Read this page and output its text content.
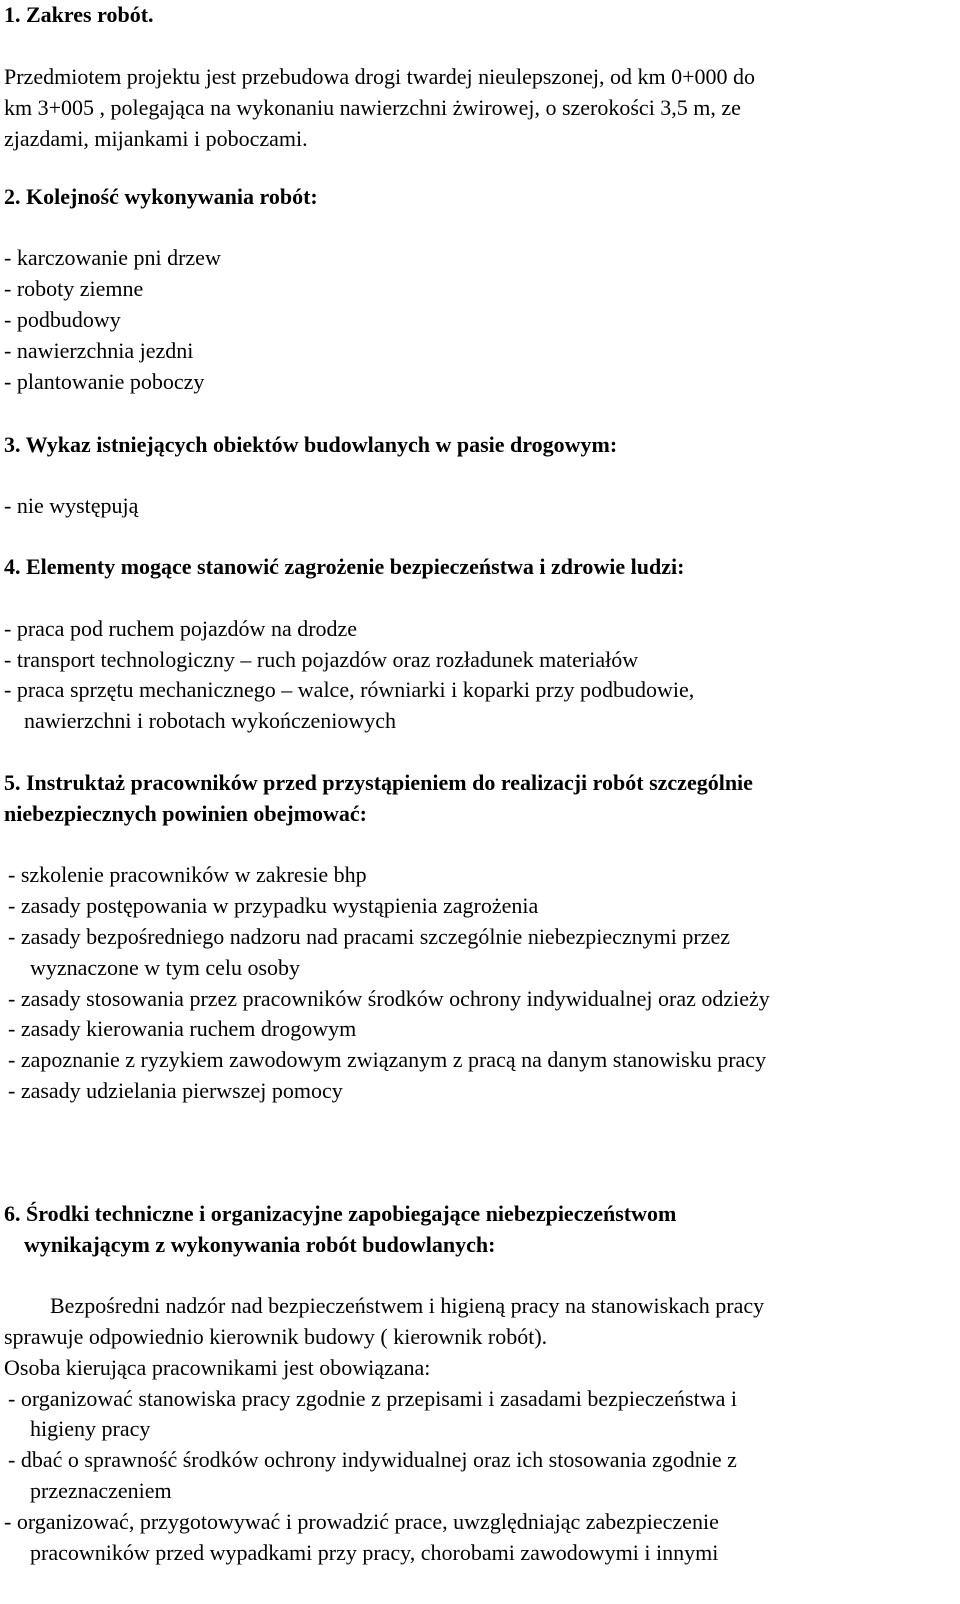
1. Zakres robót.
Przedmiotem projektu jest przebudowa drogi twardej nieulepszonej, od km 0+000 do
km 3+005 , polegająca na wykonaniu nawierzchni żwirowej, o szerokości 3,5 m, ze
zjazdami, mijankami i poboczami.
2. Kolejność wykonywania robót:
- karczowanie pni drzew
- roboty ziemne
- podbudowy
- nawierzchnia jezdni
- plantowanie poboczy
3. Wykaz istniejących obiektów budowlanych w pasie drogowym:
- nie występują
4. Elementy mogące stanowić zagrożenie bezpieczeństwa i zdrowie ludzi:
- praca pod ruchem pojazdów na drodze
- transport technologiczny – ruch pojazdów oraz rozładunek materiałów
- praca sprzętu mechanicznego – walce, równiarki i koparki przy podbudowie,
nawierzchni i robotach wykończeniowych
5. Instruktaż pracowników przed przystąpieniem do realizacji robót szczególnie
niebezpiecznych powinien obejmować:
- szkolenie pracowników w zakresie bhp
- zasady postępowania w przypadku wystąpienia zagrożenia
- zasady bezpośredniego nadzoru nad pracami szczególnie niebezpiecznymi przez
wyznaczone w tym celu osoby
- zasady stosowania przez pracowników środków ochrony indywidualnej oraz odzieży
- zasady kierowania ruchem drogowym
- zapoznanie z ryzykiem zawodowym związanym z pracą na danym stanowisku pracy
- zasady udzielania pierwszej pomocy
6. Środki techniczne i organizacyjne zapobiegające niebezpieczeństwom
wynikającym z wykonywania robót budowlanych:
Bezpośredni nadzór nad bezpieczeństwem i higieną pracy na stanowiskach pracy
sprawuje odpowiednio kierownik budowy ( kierownik robót).
Osoba kierująca pracownikami jest obowiązana:
- organizować stanowiska pracy zgodnie z przepisami i zasadami bezpieczeństwa i
higieny pracy
- dbać o sprawność środków ochrony indywidualnej oraz ich stosowania zgodnie z
przeznaczeniem
- organizować, przygotowywać i prowadzić prace, uwzględniając zabezpieczenie
pracowników przed wypadkami przy pracy, chorobami zawodowymi i innymi
